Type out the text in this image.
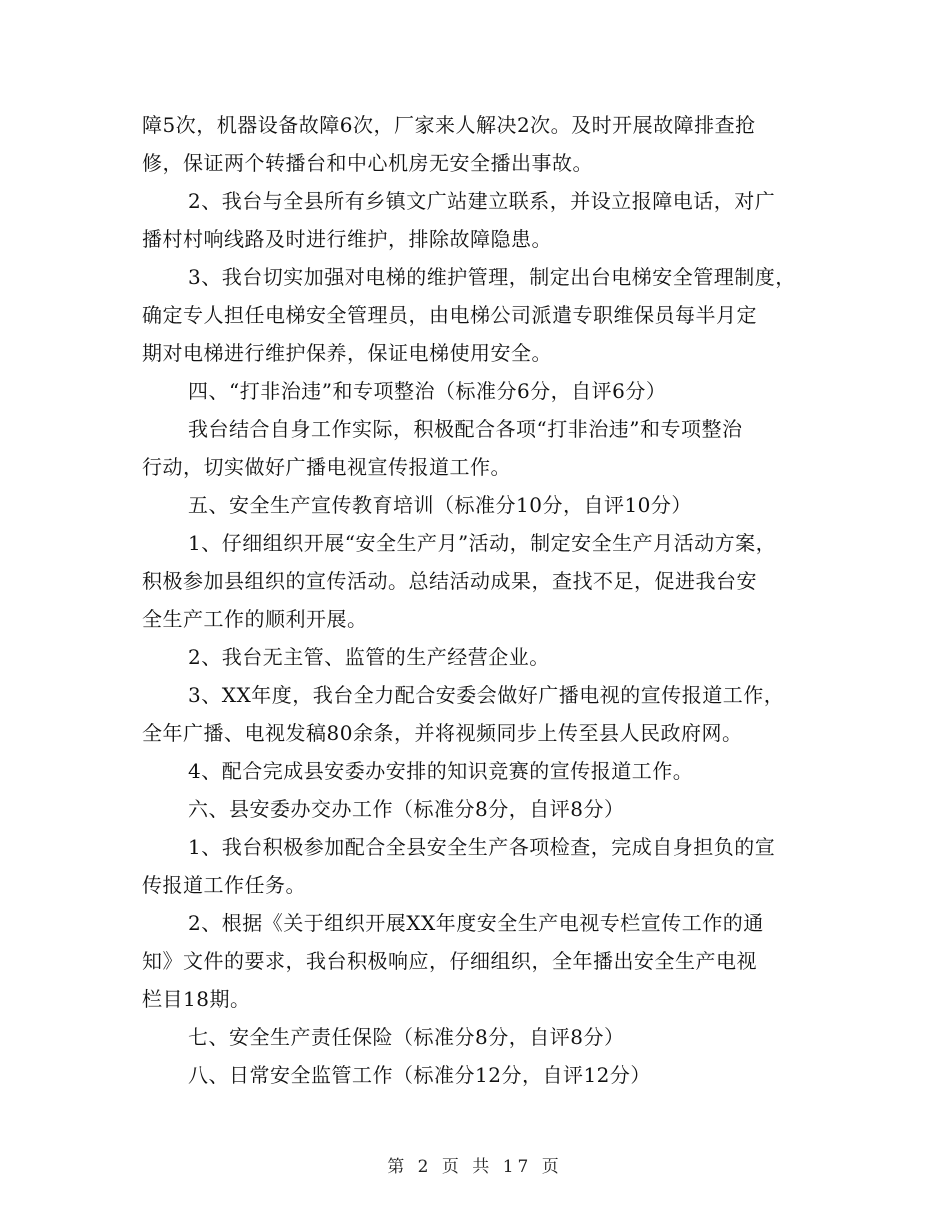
障5次，机器设备故障6次，厂家来人解决2次。及时开展故障排查抢
修，保证两个转播台和中心机房无安全播出事故。
2、我台与全县所有乡镇文广站建立联系，并设立报障电话，对广
播村村响线路及时进行维护，排除故障隐患。
3、我台切实加强对电梯的维护管理，制定出台电梯安全管理制度，
确定专人担任电梯安全管理员，由电梯公司派遣专职维保员每半月定
期对电梯进行维护保养，保证电梯使用安全。
四、“打非治违”和专项整治（标准分6分，自评6分）
我台结合自身工作实际，积极配合各项“打非治违”和专项整治
行动，切实做好广播电视宣传报道工作。
五、安全生产宣传教育培训（标准分10分，自评10分）
1、仔细组织开展“安全生产月”活动，制定安全生产月活动方案，
积极参加县组织的宣传活动。总结活动成果，查找不足，促进我台安
全生产工作的顺利开展。
2、我台无主管、监管的生产经营企业。
3、XX年度，我台全力配合安委会做好广播电视的宣传报道工作，
全年广播、电视发稿80余条，并将视频同步上传至县人民政府网。
4、配合完成县安委办安排的知识竞赛的宣传报道工作。
六、县安委办交办工作（标准分8分，自评8分）
1、我台积极参加配合全县安全生产各项检查，完成自身担负的宣
传报道工作任务。
2、根据《关于组织开展XX年度安全生产电视专栏宣传工作的通
知》文件的要求，我台积极响应，仔细组织，全年播出安全生产电视
栏目18期。
七、安全生产责任保险（标准分8分，自评8分）
八、日常安全监管工作（标准分12分，自评12分）
第 2 页 共 17 页
